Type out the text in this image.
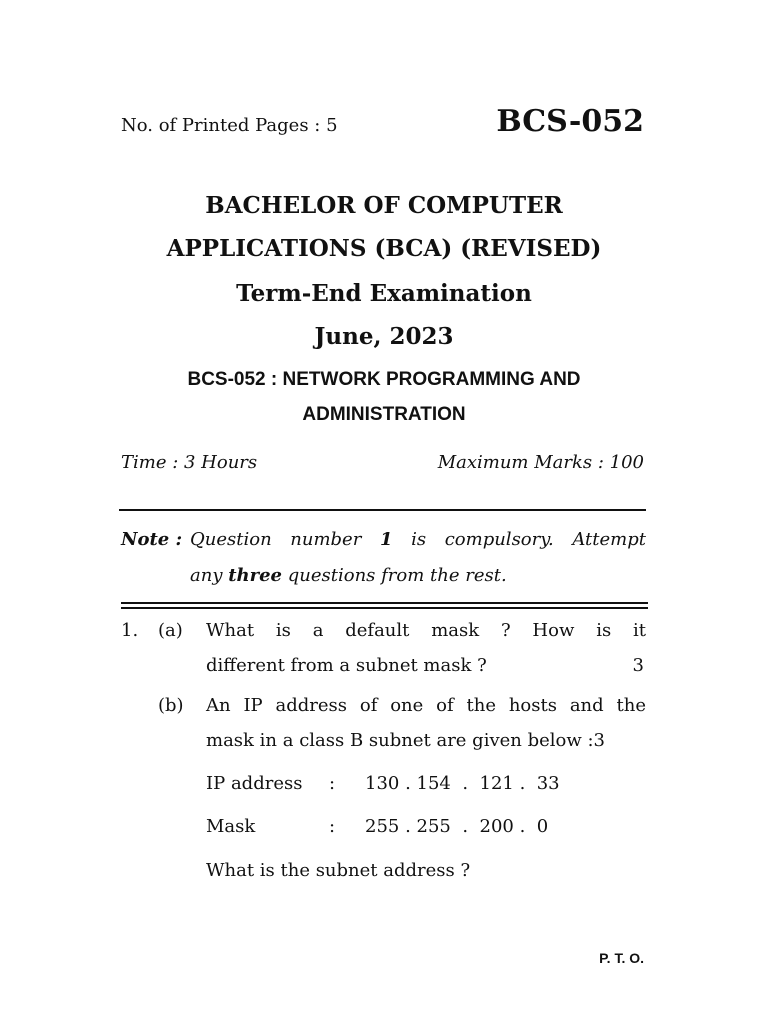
No. of Printed Pages : 5	BCS-052
BACHELOR OF COMPUTER
APPLICATIONS (BCA) (REVISED)
Term-End Examination
June, 2023
BCS-052 : NETWORK PROGRAMMING AND
ADMINISTRATION
Time : 3 Hours	Maximum Marks : 100
Note : Question number 1 is compulsory. Attempt
any three questions from the rest.
1. (a) What is a default mask ? How is it
different from a subnet mask ?	3
(b) An IP address of one of the hosts and the
mask in a class B subnet are given below :3
IP address : 130 . 154  .  121 .  33
Mask	: 255 . 255  .  200 .  0
What is the subnet address ?
P. T. O.
